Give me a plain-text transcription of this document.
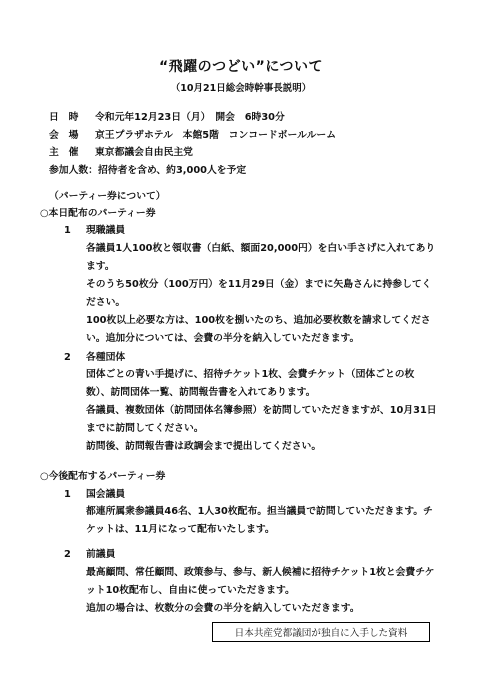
“飛躍のつどい”について
（10月21日総会時幹事長説明）
日　時	令和元年12月23日（月）　開会　6時30分
会　場	京王プラザホテル　本館5階　コンコードボールルーム
主　催	東京都議会自由民主党
参加人数： 招待者を含め、約3,000人を予定
（パーティー券について）
○本日配布のパーティー券
1 現職議員
各議員1人100枚と領収書（白紙、額面20,000円）を白い手さげに入れてあります。
そのうち50枚分（100万円）を11月29日（金）までに矢島さんに持参してください。
100枚以上必要な方は、100枚を捌いたのち、追加必要枚数を請求してください。追加分については、会費の半分を納入していただきます。
2 各種団体
団体ごとの青い手提げに、招待チケット1枚、会費チケット（団体ごとの枚数）、訪問団体一覧、訪問報告書を入れてあります。
各議員、複数団体（訪問団体名簿参照）を訪問していただきますが、10月31日までに訪問してください。
訪問後、訪問報告書は政調会まで提出してください。
○今後配布するパーティー券
1 国会議員
都連所属衆参議員46名、1人30枚配布。担当議員で訪問していただきます。チケットは、11月になって配布いたします。
2 前議員
最高顧問、常任顧問、政策参与、参与、新人候補に招待チケット1枚と会費チケット10枚配布し、自由に使っていただきます。
追加の場合は、枚数分の会費の半分を納入していただきます。
日本共産党都議団が独自に入手した資料
